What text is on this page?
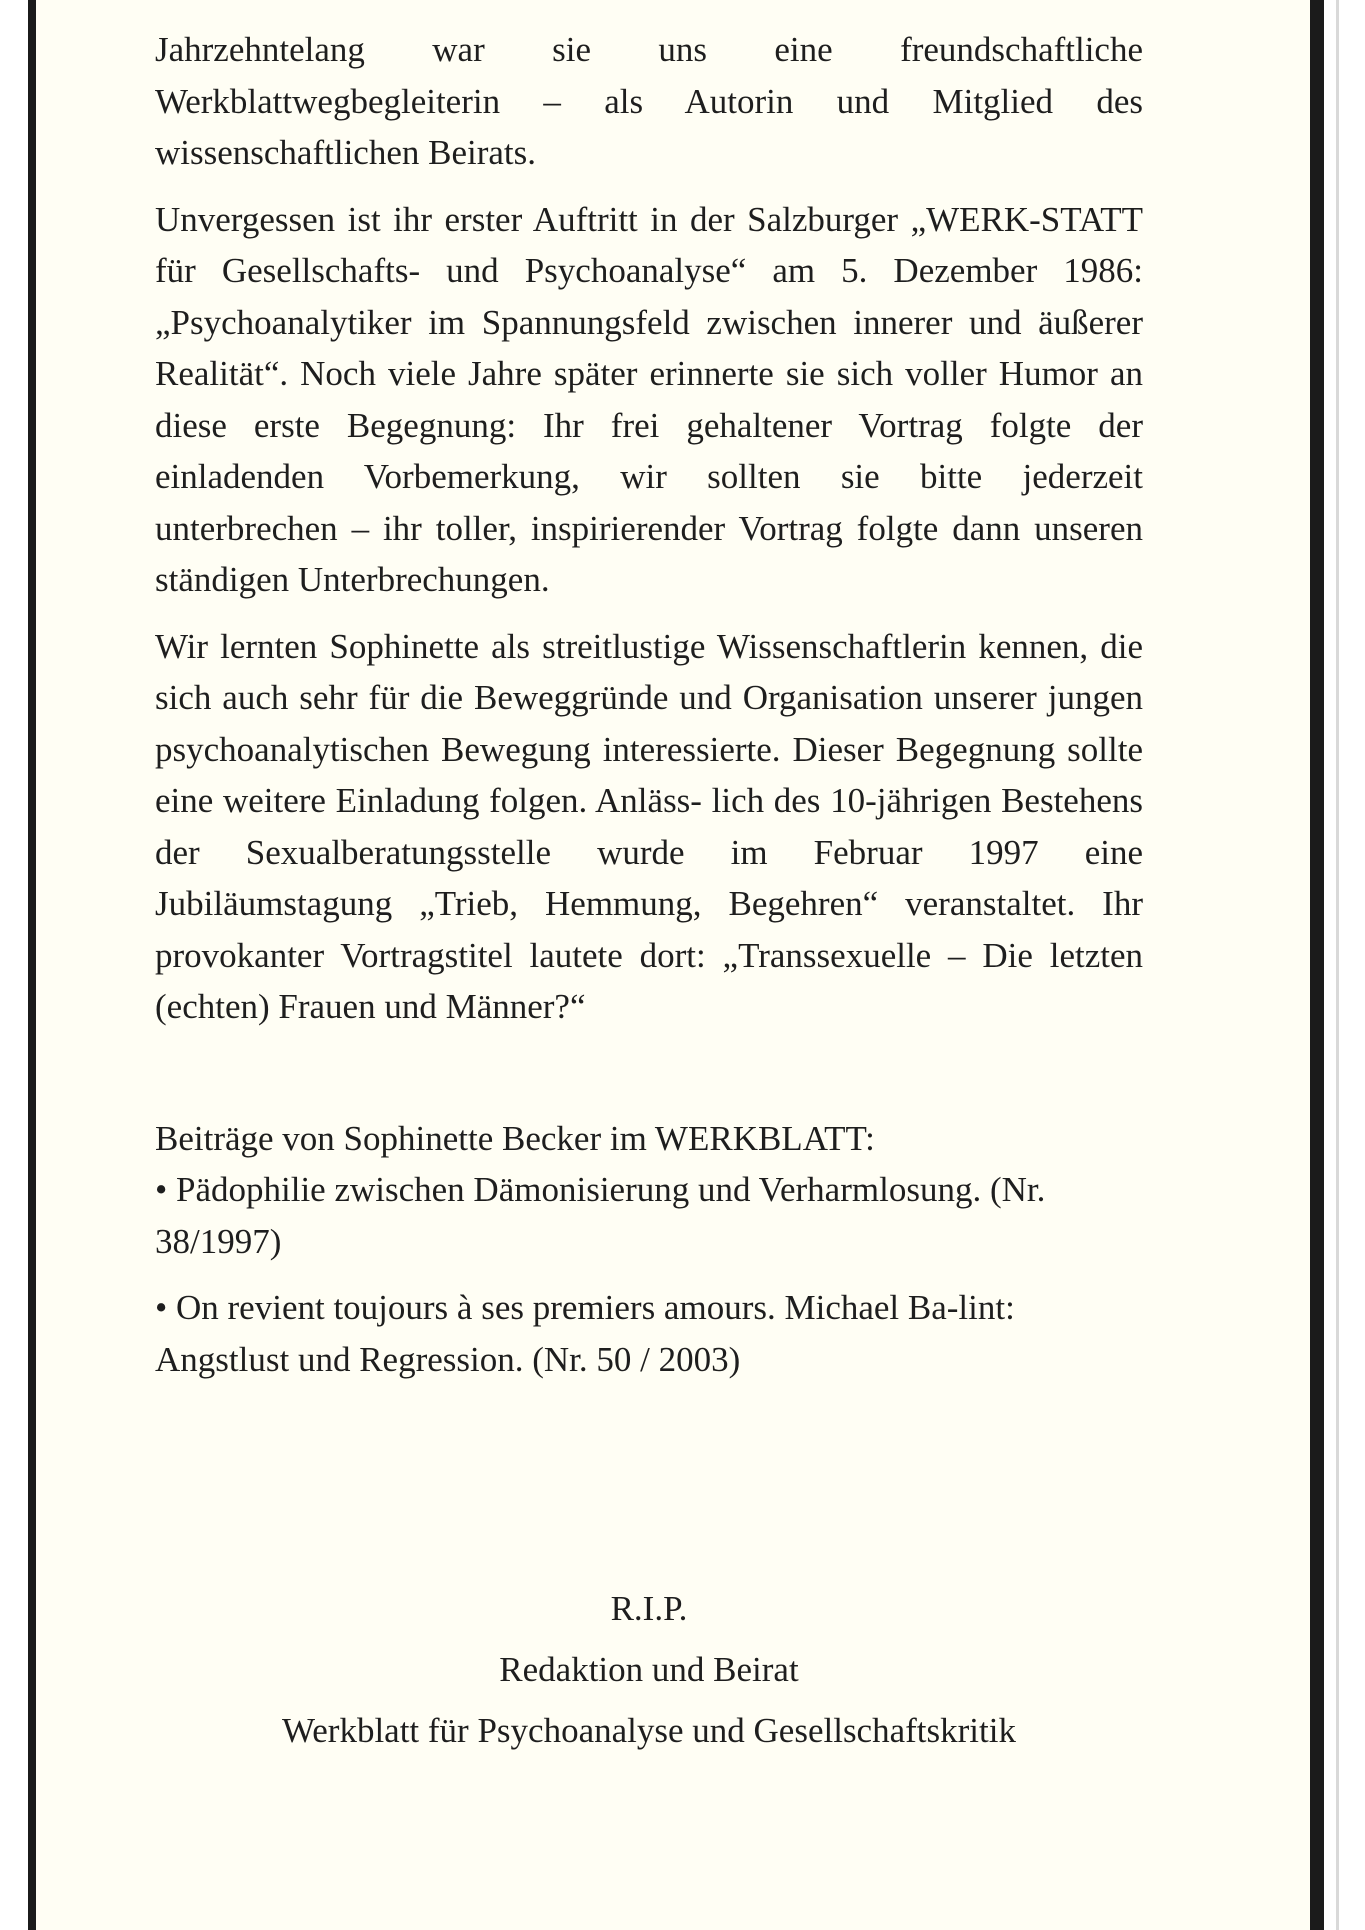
Jahrzehntelang war sie uns eine freundschaftliche Werkblattwegbegleiterin – als Autorin und Mitglied des wissenschaftlichen Beirats.

Unvergessen ist ihr erster Auftritt in der Salzburger „WERK-STATT für Gesellschafts- und Psychoanalyse“ am 5. Dezember 1986: „Psychoanalytiker im Spannungsfeld zwischen innerer und äußerer Realität“. Noch viele Jahre später erinnerte sie sich voller Humor an diese erste Begegnung: Ihr frei gehaltener Vortrag folgte der einladenden Vorbemerkung, wir sollten sie bitte jederzeit unterbrechen – ihr toller, inspirierender Vortrag folgte dann unseren ständigen Unterbrechungen.

Wir lernten Sophinette als streitlustige Wissenschaftlerin kennen, die sich auch sehr für die Beweggründe und Organisation unserer jungen psychoanalytischen Bewegung interessierte. Dieser Begegnung sollte eine weitere Einladung folgen. Anläss- lich des 10-jährigen Bestehens der Sexualberatungsstelle wurde im Februar 1997 eine Jubiläumstagung „Trieb, Hemmung, Begehren“ veranstaltet. Ihr provokanter Vortragstitel lautete dort: „Transsexuelle – Die letzten (echten) Frauen und Männer?“

Beiträge von Sophinette Becker im WERKBLATT:

• Pädophilie zwischen Dämonisierung und Verharmlosung. (Nr. 38/1997)

• On revient toujours à ses premiers amours. Michael Ba-lint: Angstlust und Regression. (Nr. 50 / 2003)

R.I.P.
Redaktion und Beirat
Werkblatt für Psychoanalyse und Gesellschaftskritik
